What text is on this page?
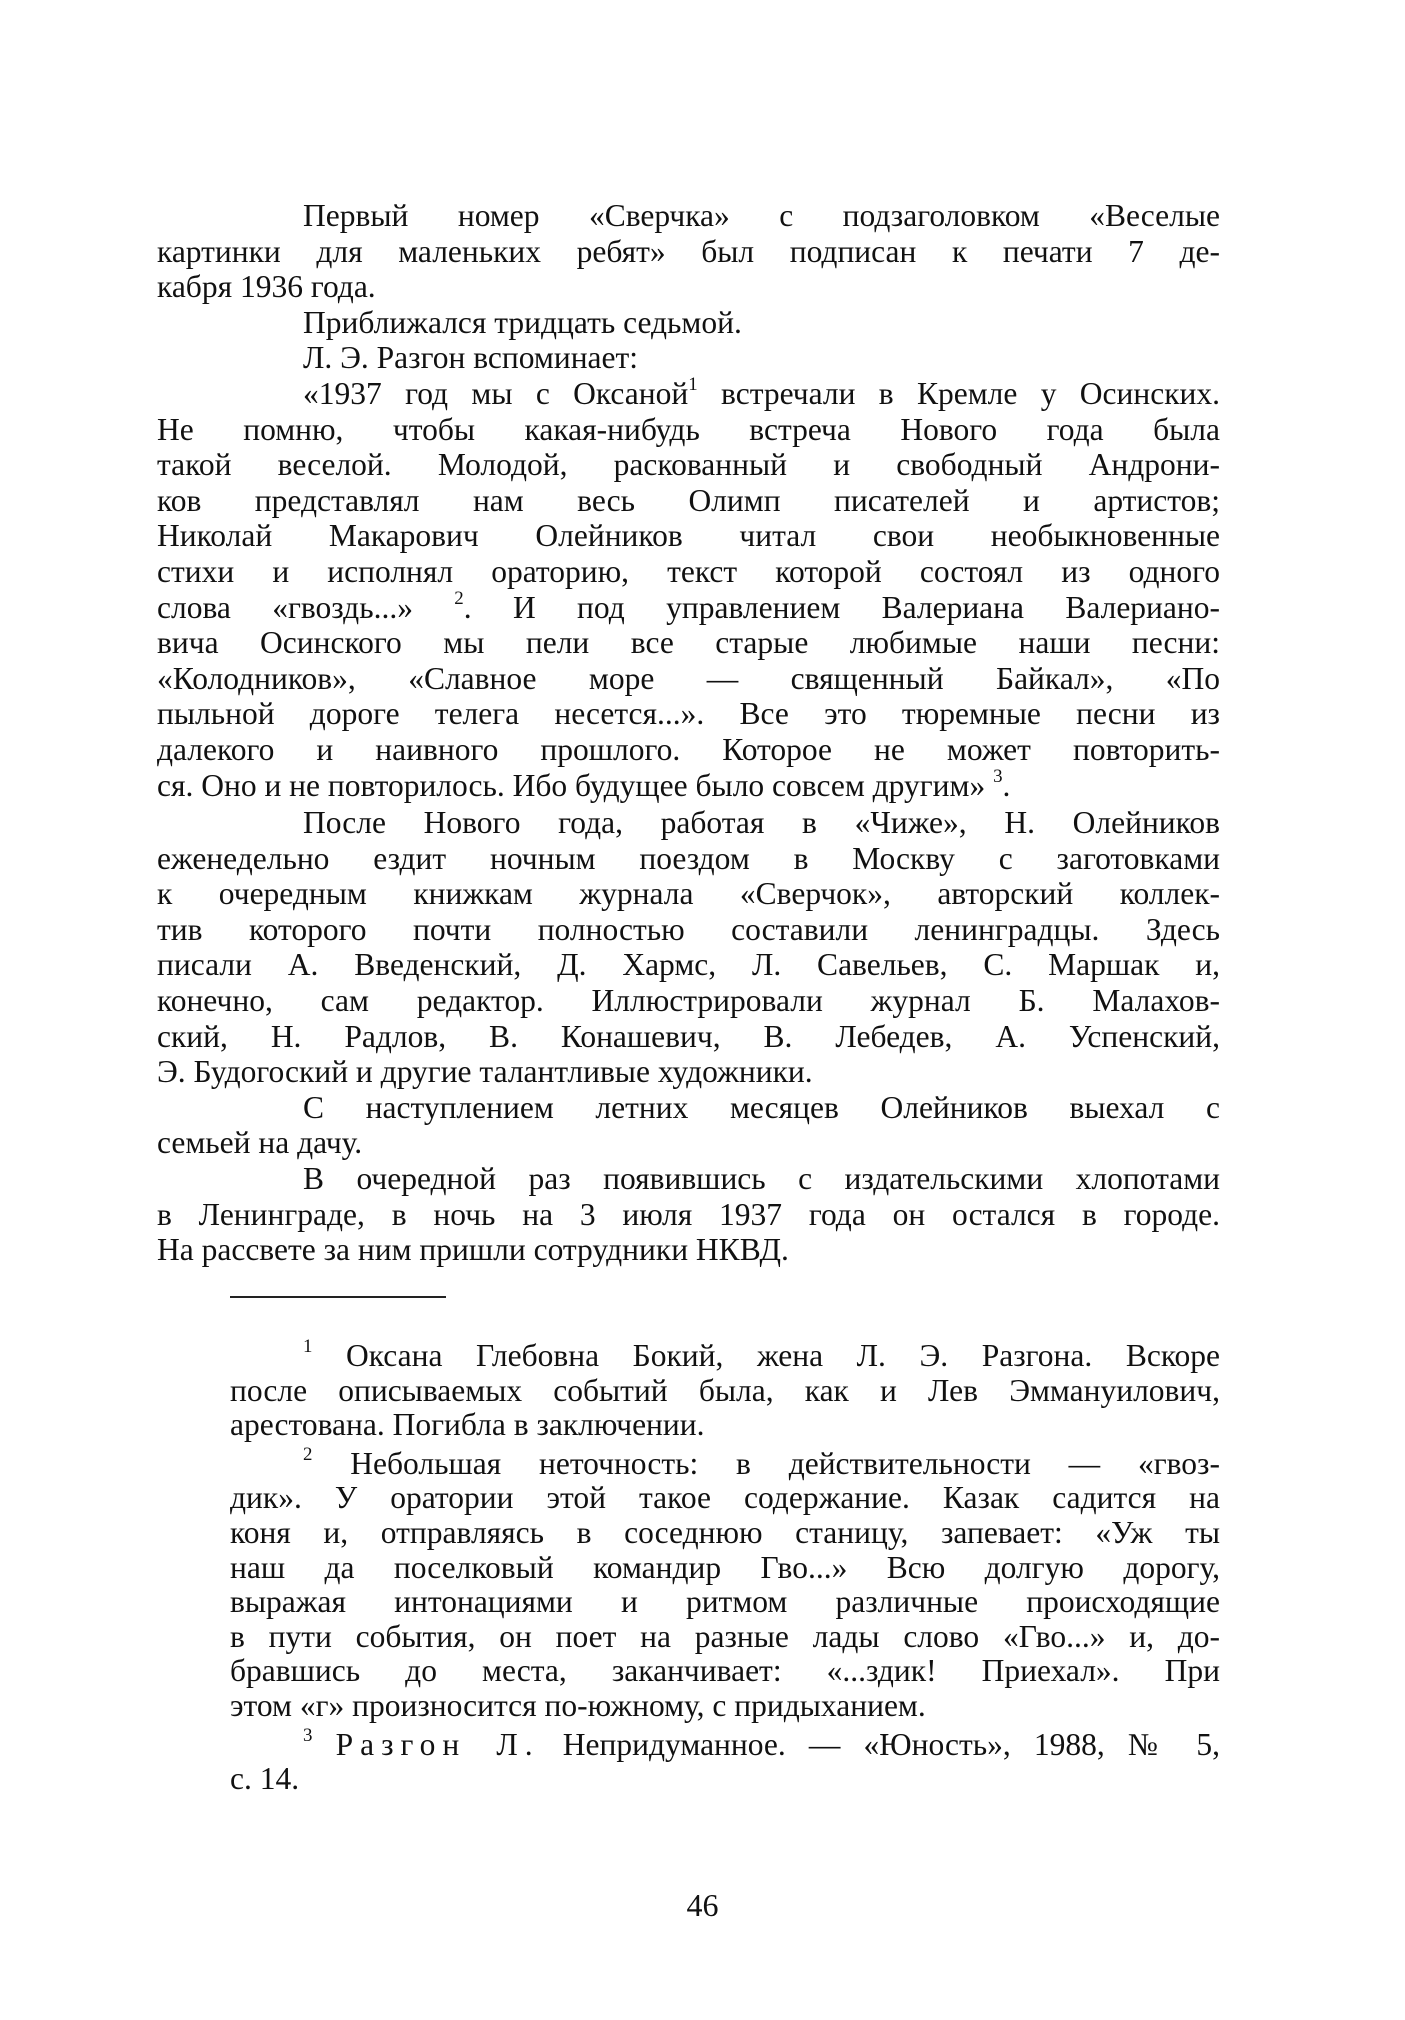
Первый номер «Сверчка» с подзаголовком «Веселые
картинки для маленьких ребят» был подписан к печати 7 де-
кабря 1936 года.

Приближался тридцать седьмой.

Л. Э. Разгон вспоминает:

«1937 год мы с Оксаной$^1$ встречали в Кремле у Осинских.
Не помню, чтобы какая-нибудь встреча Нового года была
такой веселой. Молодой, раскованный и свободный Андрони-
ков представлял нам весь Олимп писателей и артистов;
Николай Макарович Олейников читал свои необыкновенные
стихи и исполнял ораторию, текст которой состоял из одного
слова «гвоздь...» $^2$. И под управлением Валериана Валериано-
вича Осинского мы пели все старые любимые наши песни:
«Колодников», «Славное море — священный Байкал», «По
пыльной дороге телега несется...». Все это тюремные песни из
далекого и наивного прошлого. Которое не может повторить-
ся. Оно и не повторилось. Ибо будущее было совсем другим» $^3$.

После Нового года, работая в «Чиже», Н. Олейников
еженедельно ездит ночным поездом в Москву с заготовками
к очередным книжкам журнала «Сверчок», авторский коллек-
тив которого почти полностью составили ленинградцы. Здесь
писали А. Введенский, Д. Хармс, Л. Савельев, С. Маршак и,
конечно, сам редактор. Иллюстрировали журнал Б. Малахов-
ский, Н. Радлов, В. Конашевич, В. Лебедев, А. Успенский,
Э. Будогоский и другие талантливые художники.

С наступлением летних месяцев Олейников выехал с
семьей на дачу.

В очередной раз появившись с издательскими хлопотами
в Ленинграде, в ночь на 3 июля 1937 года он остался в городе.
На рассвете за ним пришли сотрудники НКВД.

$^1$ Оксана Глебовна Бокий, жена Л. Э. Разгона. Вскоре
после описываемых событий была, как и Лев Эммануилович,
арестована. Погибла в заключении.

$^2$ Небольшая неточность: в действительности — «гвоз-
дик». У оратории этой такое содержание. Казак садится на
коня и, отправляясь в соседнюю станицу, запевает: «Уж ты
наш да поселковый командир Гво...» Всю долгую дорогу,
выражая интонациями и ритмом различные происходящие
в пути события, он поет на разные лады слово «Гво...» и, до-
бравшись до места, заканчивает: «...здик! Приехал». При
этом «г» произносится по-южному, с придыханием.

$^3$ Разгон Л. Непридуманное. — «Юность», 1988, № 5,
с. 14.

46
